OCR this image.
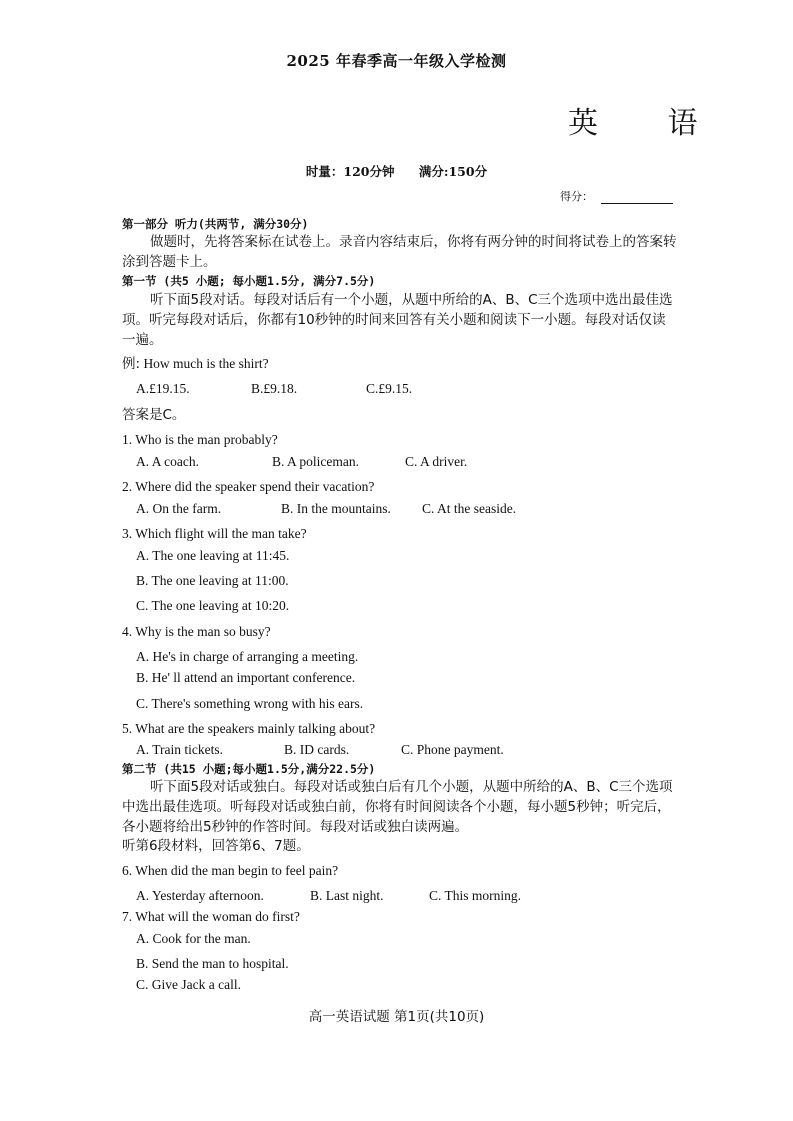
2025 年春季高一年级入学检测
英 语
时量：120分钟 满分:150分
得分：
第一部分 听力(共两节, 满分30分)
做题时，先将答案标在试卷上。录音内容结束后，你将有两分钟的时间将试卷上的答案转涂到答题卡上。
第一节 (共5 小题; 每小题1.5分, 满分7.5分)
听下面5段对话。每段对话后有一个小题，从题中所给的A、B、C三个选项中选出最佳选项。听完每段对话后，你都有10秒钟的时间来回答有关小题和阅读下一小题。每段对话仅读一遍。
例: How much is the shirt?
A.£19.15.	B.£9.18.	C.£9.15.
答案是C。
1. Who is the man probably?
A. A coach.	B. A policeman.	C. A driver.
2. Where did the speaker spend their vacation?
A. On the farm.	B. In the mountains. C. At the seaside.
3. Which flight will the man take?
A. The one leaving at 11:45.
B. The one leaving at 11:00.
C. The one leaving at 10:20.
4. Why is the man so busy?
A. He's in charge of arranging a meeting.
B. He' ll attend an important conference.
C. There's something wrong with his ears.
5. What are the speakers mainly talking about?
A. Train tickets.	B. ID cards.	C. Phone payment.
第二节 (共15 小题;每小题1.5分,满分22.5分)
听下面5段对话或独白。每段对话或独白后有几个小题，从题中所给的A、B、C三个选项中选出最佳选项。听每段对话或独白前，你将有时间阅读各个小题，每小题5秒钟；听完后，各小题将给出5秒钟的作答时间。每段对话或独白读两遍。
听第6段材料，回答第6、7题。
6. When did the man begin to feel pain?
A. Yesterday afternoon.	B. Last night.	C. This morning.
7. What will the woman do first?
A. Cook for the man.
B. Send the man to hospital.
C. Give Jack a call.
高一英语试题 第1页(共10页)
